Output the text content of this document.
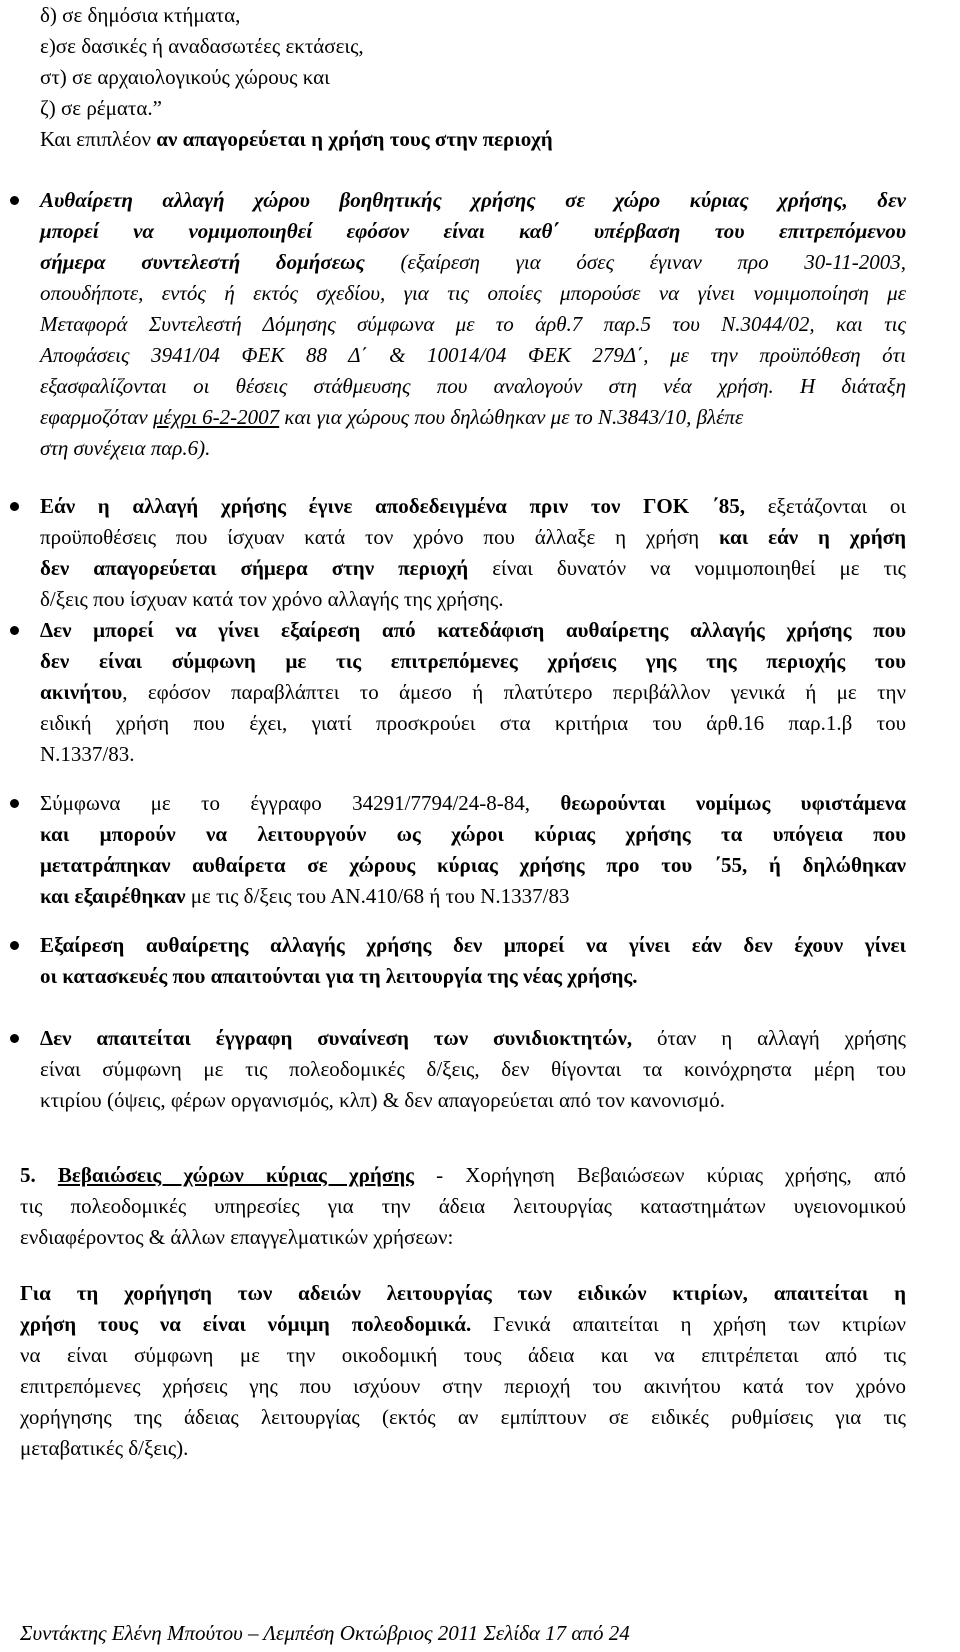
δ) σε δημόσια κτήματα,
ε)σε δασικές ή αναδασωτέες εκτάσεις,
στ) σε αρχαιολογικούς χώρους και
ζ) σε ρέματα.”
Και επιπλέον αν απαγορεύεται η χρήση τους στην περιοχή
Αυθαίρετη αλλαγή χώρου βοηθητικής χρήσης σε χώρο κύριας χρήσης, δεν
μπορεί να νομιμοποιηθεί εφόσον είναι καθ΄ υπέρβαση του επιτρεπόμενου
σήμερα συντελεστή δομήσεως (εξαίρεση για όσες έγιναν προ 30-11-2003,
οπουδήποτε, εντός ή εκτός σχεδίου, για τις οποίες μπορούσε να γίνει νομιμοποίηση με
Μεταφορά Συντελεστή Δόμησης σύμφωνα με το άρθ.7 παρ.5 του Ν.3044/02, και τις
Αποφάσεις 3941/04 ΦΕΚ 88 Δ΄ & 10014/04 ΦΕΚ 279Δ΄, με την προϋπόθεση ότι
εξασφαλίζονται οι θέσεις στάθμευσης που αναλογούν στη νέα χρήση. Η διάταξη
εφαρμοζόταν μέχρι 6-2-2007 και για χώρους που δηλώθηκαν με το Ν.3843/10, βλέπε
στη συνέχεια παρ.6).
Εάν η αλλαγή χρήσης έγινε αποδεδειγμένα πριν τον ΓΟΚ ΄85, εξετάζονται οι
προϋποθέσεις που ίσχυαν κατά τον χρόνο που άλλαξε η χρήση και εάν η χρήση
δεν απαγορεύεται σήμερα στην περιοχή είναι δυνατόν να νομιμοποιηθεί με τις
δ/ξεις που ίσχυαν κατά τον χρόνο αλλαγής της χρήσης.
Δεν μπορεί να γίνει εξαίρεση από κατεδάφιση αυθαίρετης αλλαγής χρήσης που
δεν είναι σύμφωνη με τις επιτρεπόμενες χρήσεις γης της περιοχής του
ακινήτου, εφόσον παραβλάπτει το άμεσο ή πλατύτερο περιβάλλον γενικά ή με την
ειδική χρήση που έχει, γιατί προσκρούει στα κριτήρια του άρθ.16 παρ.1.β του
Ν.1337/83.
Σύμφωνα με το έγγραφο 34291/7794/24-8-84, θεωρούνται νομίμως υφιστάμενα
και μπορούν να λειτουργούν ως χώροι κύριας χρήσης τα υπόγεια που
μετατράπηκαν αυθαίρετα σε χώρους κύριας χρήσης προ του ΄55, ή δηλώθηκαν
και εξαιρέθηκαν με τις δ/ξεις του ΑΝ.410/68 ή του Ν.1337/83
Εξαίρεση αυθαίρετης αλλαγής χρήσης δεν μπορεί να γίνει εάν δεν έχουν γίνει
οι κατασκευές που απαιτούνται για τη λειτουργία της νέας χρήσης.
Δεν απαιτείται έγγραφη συναίνεση των συνιδιοκτητών, όταν η αλλαγή χρήσης
είναι σύμφωνη με τις πολεοδομικές δ/ξεις, δεν θίγονται τα κοινόχρηστα μέρη του
κτιρίου (όψεις, φέρων οργανισμός, κλπ) & δεν απαγορεύεται από τον κανονισμό.
5. Βεβαιώσεις χώρων κύριας χρήσης - Χορήγηση Βεβαιώσεων κύριας χρήσης, από
τις πολεοδομικές υπηρεσίες για την άδεια λειτουργίας καταστημάτων υγειονομικού
ενδιαφέροντος & άλλων επαγγελματικών χρήσεων:
Για τη χορήγηση των αδειών λειτουργίας των ειδικών κτιρίων, απαιτείται η
χρήση τους να είναι νόμιμη πολεοδομικά. Γενικά απαιτείται η χρήση των κτιρίων
να είναι σύμφωνη με την οικοδομική τους άδεια και να επιτρέπεται από τις
επιτρεπόμενες χρήσεις γης που ισχύουν στην περιοχή του ακινήτου κατά τον χρόνο
χορήγησης της άδειας λειτουργίας (εκτός αν εμπίπτουν σε ειδικές ρυθμίσεις για τις
μεταβατικές δ/ξεις).
Συντάκτης Ελένη Μπούτου – Λεμπέση Οκτώβριος 2011 Σελίδα 17 από 24
